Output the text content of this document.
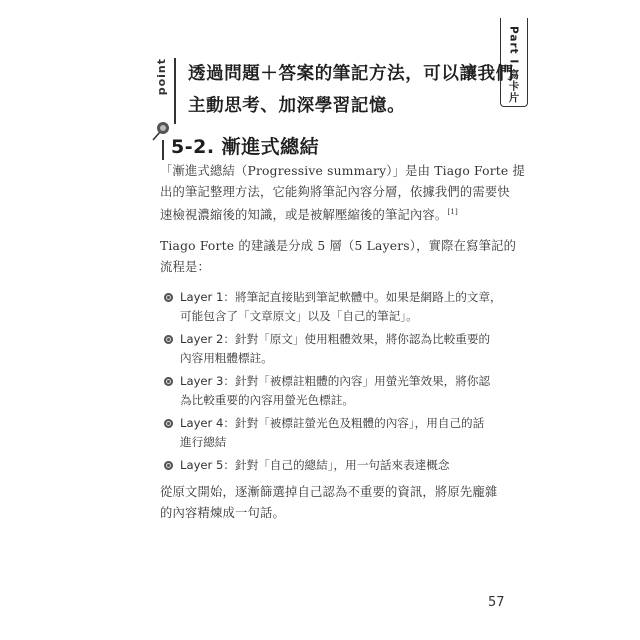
Part I 寫卡片
point 透過問題＋答案的筆記方法，可以讓我們
主動思考、加深學習記憶。
5-2. 漸進式總結

「漸進式總結（Progressive summary）」是由 Tiago Forte 提

出的筆記整理方法，它能夠將筆記內容分層，依據我們的需要快

速檢視濃縮後的知識，或是被解壓縮後的筆記內容。[1]

Tiago Forte 的建議是分成 5 層（5 Layers），實際在寫筆記的

流程是：

Layer 1：將筆記直接貼到筆記軟體中。如果是網路上的文章，
可能包含了「文章原文」以及「自己的筆記」。
Layer 2：針對「原文」使用粗體效果，將你認為比較重要的
內容用粗體標註。
Layer 3：針對「被標註粗體的內容」用螢光筆效果，將你認
為比較重要的內容用螢光色標註。
Layer 4：針對「被標註螢光色及粗體的內容」，用自己的話
進行總結
Layer 5：針對「自己的總結」，用一句話來表達概念

從原文開始，逐漸篩選掉自己認為不重要的資訊，將原先龐雜

的內容精煉成一句話。

57
